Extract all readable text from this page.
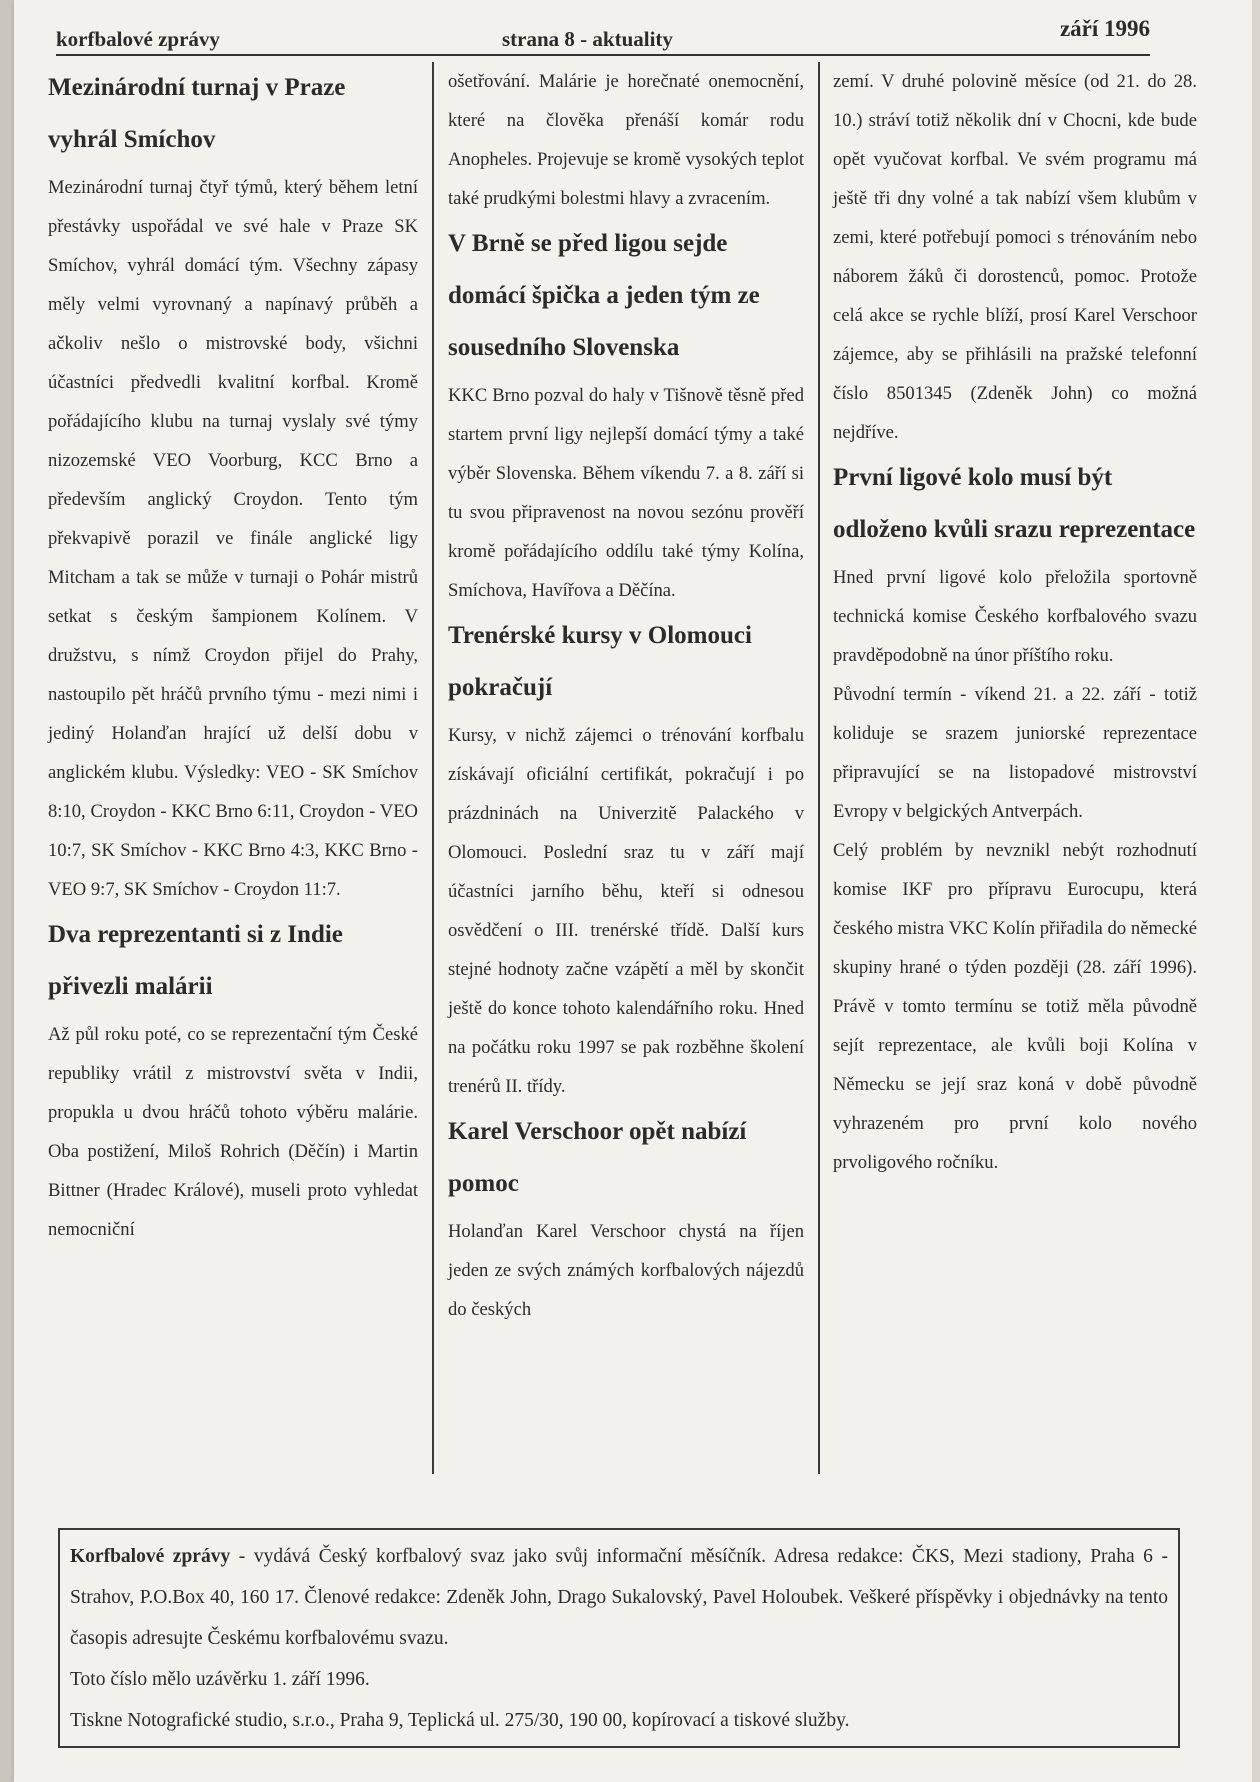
korfbalové zprávy	strana 8 - aktuality	září 1996
Mezinárodní turnaj v Praze vyhrál Smíchov

Mezinárodní turnaj čtyř týmů, který během letní přestávky uspořádal ve své hale v Praze SK Smíchov, vyhrál domácí tým. Všechny zápasy měly velmi vyrovnaný a napínavý průběh a ačkoliv nešlo o mistrovské body, všichni účastníci předvedli kvalitní korfbal. Kromě pořádajícího klubu na turnaj vyslaly své týmy nizozemské VEO Voorburg, KCC Brno a především anglický Croydon. Tento tým překvapivě porazil ve finále anglické ligy Mitcham a tak se může v turnaji o Pohár mistrů setkat s českým šampionem Kolínem. V družstvu, s nímž Croydon přijel do Prahy, nastoupilo pět hráčů prvního týmu - mezi nimi i jediný Holanďan hrající už delší dobu v anglickém klubu. Výsledky: VEO - SK Smíchov 8:10, Croydon - KKC Brno 6:11, Croydon - VEO 10:7, SK Smíchov - KKC Brno 4:3, KKC Brno - VEO 9:7, SK Smíchov - Croydon 11:7.

Dva reprezentanti si z Indie přivezli malárii

Až půl roku poté, co se reprezentační tým České republiky vrátil z mistrovství světa v Indii, propukla u dvou hráčů tohoto výběru malárie. Oba postižení, Miloš Rohrich (Děčín) i Martin Bittner (Hradec Králové), museli proto vyhledat nemocniční

ošetřování. Malárie je horečnaté onemocnění, které na člověka přenáší komár rodu Anopheles. Projevuje se kromě vysokých teplot také prudkými bolestmi hlavy a zvracením.

V Brně se před ligou sejde domácí špička a jeden tým ze sousedního Slovenska

KKC Brno pozval do haly v Tišnově těsně před startem první ligy nejlepší domácí týmy a také výběr Slovenska. Během víkendu 7. a 8. září si tu svou připravenost na novou sezónu prověří kromě pořádajícího oddílu také týmy Kolína, Smíchova, Havířova a Děčína.

Trenérské kursy v Olomouci pokračují

Kursy, v nichž zájemci o trénování korfbalu získávají oficiální certifikát, pokračují i po prázdninách na Univerzitě Palackého v Olomouci. Poslední sraz tu v září mají účastníci jarního běhu, kteří si odnesou osvědčení o III. trenérské třídě. Další kurs stejné hodnoty začne vzápětí a měl by skončit ještě do konce tohoto kalendářního roku. Hned na počátku roku 1997 se pak rozběhne školení trenérů II. třídy.

Karel Verschoor opět nabízí pomoc

Holanďan Karel Verschoor chystá na říjen jeden ze svých známých korfbalových nájezdů do českých

zemí. V druhé polovině měsíce (od 21. do 28. 10.) stráví totiž několik dní v Chocni, kde bude opět vyučovat korfbal. Ve svém programu má ještě tři dny volné a tak nabízí všem klubům v zemi, které potřebují pomoci s trénováním nebo náborem žáků či dorostenců, pomoc. Protože celá akce se rychle blíží, prosí Karel Verschoor zájemce, aby se přihlásili na pražské telefonní číslo 8501345 (Zdeněk John) co možná nejdříve.

První ligové kolo musí být odloženo kvůli srazu reprezentace

Hned první ligové kolo přeložila sportovně technická komise Českého korfbalového svazu pravděpodobně na únor příštího roku.

Původní termín - víkend 21. a 22. září - totiž koliduje se srazem juniorské reprezentace připravující se na listopadové mistrovství Evropy v belgických Antverpách.

Celý problém by nevznikl nebýt rozhodnutí komise IKF pro přípravu Eurocupu, která českého mistra VKC Kolín přiřadila do německé skupiny hrané o týden později (28. září 1996). Právě v tomto termínu se totiž měla původně sejít reprezentace, ale kvůli boji Kolína v Německu se její sraz koná v době původně vyhrazeném pro první kolo nového prvoligového ročníku.

Korfbalové zprávy - vydává Český korfbalový svaz jako svůj informační měsíčník. Adresa redakce: ČKS, Mezi stadiony, Praha 6 - Strahov, P.O.Box 40, 160 17. Členové redakce: Zdeněk John, Drago Sukalovský, Pavel Holoubek. Veškeré příspěvky i objednávky na tento časopis adresujte Českému korfbalovému svazu.

Toto číslo mělo uzávěrku 1. září 1996.

Tiskne Notografické studio, s.r.o., Praha 9, Teplická ul. 275/30, 190 00, kopírovací a tiskové služby.
